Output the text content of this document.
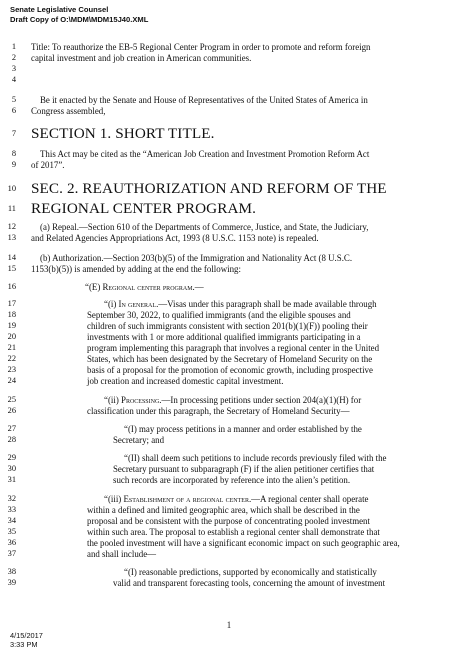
Senate Legislative Counsel
Draft Copy of O:\MDM\MDM15J40.XML
1 Title: To reauthorize the EB-5 Regional Center Program in order to promote and reform foreign
2 capital investment and job creation in American communities.
3
4
5	Be it enacted by the Senate and House of Representatives of the United States of America in
6 Congress assembled,
7 SECTION 1. SHORT TITLE.
8	This Act may be cited as the “American Job Creation and Investment Promotion Reform Act
9 of 2017”.
10 SEC. 2. REAUTHORIZATION AND REFORM OF THE
11 REGIONAL CENTER PROGRAM.
12	(a) Repeal.—Section 610 of the Departments of Commerce, Justice, and State, the Judiciary,
13 and Related Agencies Appropriations Act, 1993 (8 U.S.C. 1153 note) is repealed.
14	(b) Authorization.—Section 203(b)(5) of the Immigration and Nationality Act (8 U.S.C.
15 1153(b)(5)) is amended by adding at the end the following:
16	“(E) Regional center program.—
17	“(i) In general.—Visas under this paragraph shall be made available through
18	September 30, 2022, to qualified immigrants (and the eligible spouses and
19	children of such immigrants consistent with section 201(b)(1)(F)) pooling their
20	investments with 1 or more additional qualified immigrants participating in a
21	program implementing this paragraph that involves a regional center in the United
22	States, which has been designated by the Secretary of Homeland Security on the
23	basis of a proposal for the promotion of economic growth, including prospective
24	job creation and increased domestic capital investment.
25	“(ii) Processing.—In processing petitions under section 204(a)(1)(H) for
26	classification under this paragraph, the Secretary of Homeland Security—
27	“(I) may process petitions in a manner and order established by the
28	Secretary; and
29	“(II) shall deem such petitions to include records previously filed with the
30	Secretary pursuant to subparagraph (F) if the alien petitioner certifies that
31	such records are incorporated by reference into the alien’s petition.
32	“(iii) Establishment of a regional center.—A regional center shall operate
33	within a defined and limited geographic area, which shall be described in the
34	proposal and be consistent with the purpose of concentrating pooled investment
35	within such area. The proposal to establish a regional center shall demonstrate that
36	the pooled investment will have a significant economic impact on such geographic area,
37	and shall include—
38	“(I) reasonable predictions, supported by economically and statistically
39	valid and transparent forecasting tools, concerning the amount of investment
1
4/15/2017
3:33 PM
